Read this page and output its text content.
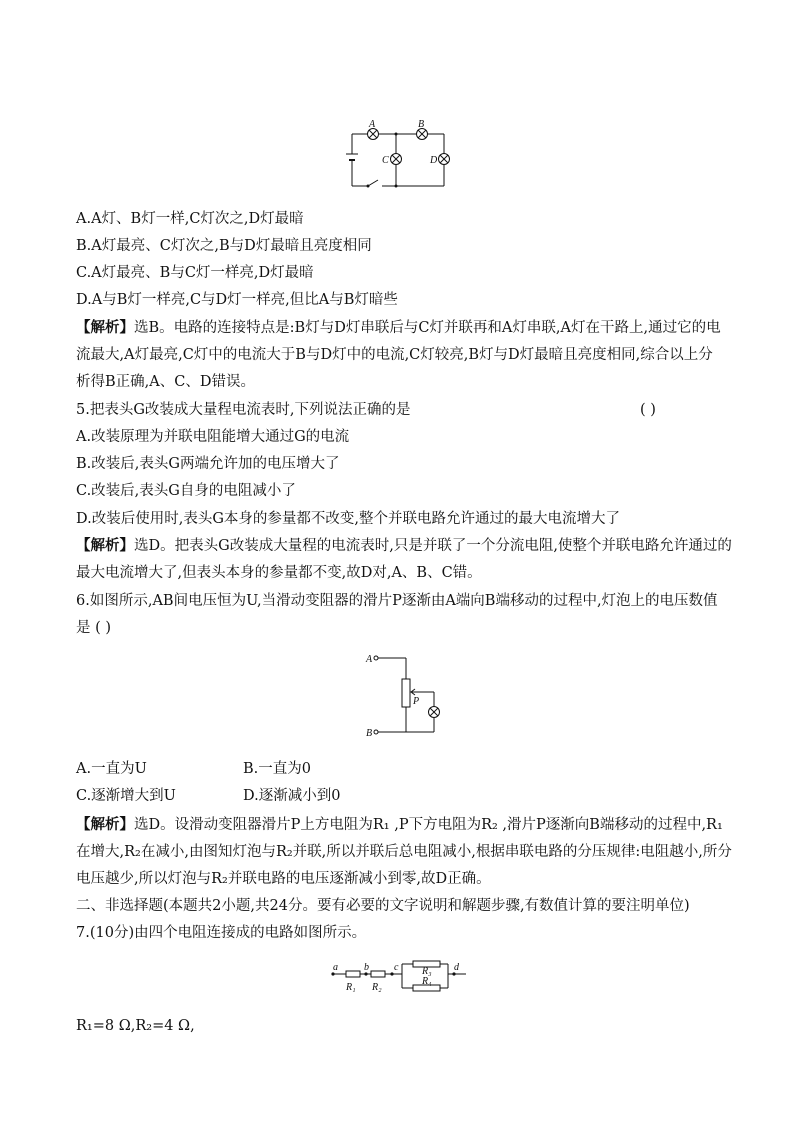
A	B
C	D
A.A灯、B灯一样,C灯次之,D灯最暗
B.A灯最亮、C灯次之,B与D灯最暗且亮度相同
C.A灯最亮、B与C灯一样亮,D灯最暗
D.A与B灯一样亮,C与D灯一样亮,但比A与B灯暗些
【解析】选B。电路的连接特点是:B灯与D灯串联后与C灯并联再和A灯串联,A灯在干路上,通过它的电
流最大,A灯最亮,C灯中的电流大于B与D灯中的电流,C灯较亮,B灯与D灯最暗且亮度相同,综合以上分
析得B正确,A、C、D错误。
5.把表头G改装成大量程电流表时,下列说法正确的是	( )
A.改装原理为并联电阻能增大通过G的电流
B.改装后,表头G两端允许加的电压增大了
C.改装后,表头G自身的电阻减小了
D.改装后使用时,表头G本身的参量都不改变,整个并联电路允许通过的最大电流增大了
【解析】选D。把表头G改装成大量程的电流表时,只是并联了一个分流电阻,使整个并联电路允许通过的
最大电流增大了,但表头本身的参量都不变,故D对,A、B、C错。
6.如图所示,AB间电压恒为U,当滑动变阻器的滑片P逐渐由A端向B端移动的过程中,灯泡上的电压数值
是 ( )
A
B
P
A.一直为U	B.一直为0
C.逐渐增大到U	D.逐渐减小到0
【解析】选D。设滑动变阻器滑片P上方电阻为R₁ ,P下方电阻为R₂ ,滑片P逐渐向B端移动的过程中,R₁
在增大,R₂在减小,由图知灯泡与R₂并联,所以并联后总电阻减小,根据串联电路的分压规律:电阻越小,所分
电压越少,所以灯泡与R₂并联电路的电压逐渐减小到零,故D正确。
二、非选择题(本题共2小题,共24分。要有必要的文字说明和解题步骤,有数值计算的要注明单位)
7.(10分)由四个电阻连接成的电路如图所示。
a	b	c	d
R₁ R₂
R₃
R₄
R₁=8 Ω,R₂=4 Ω,
